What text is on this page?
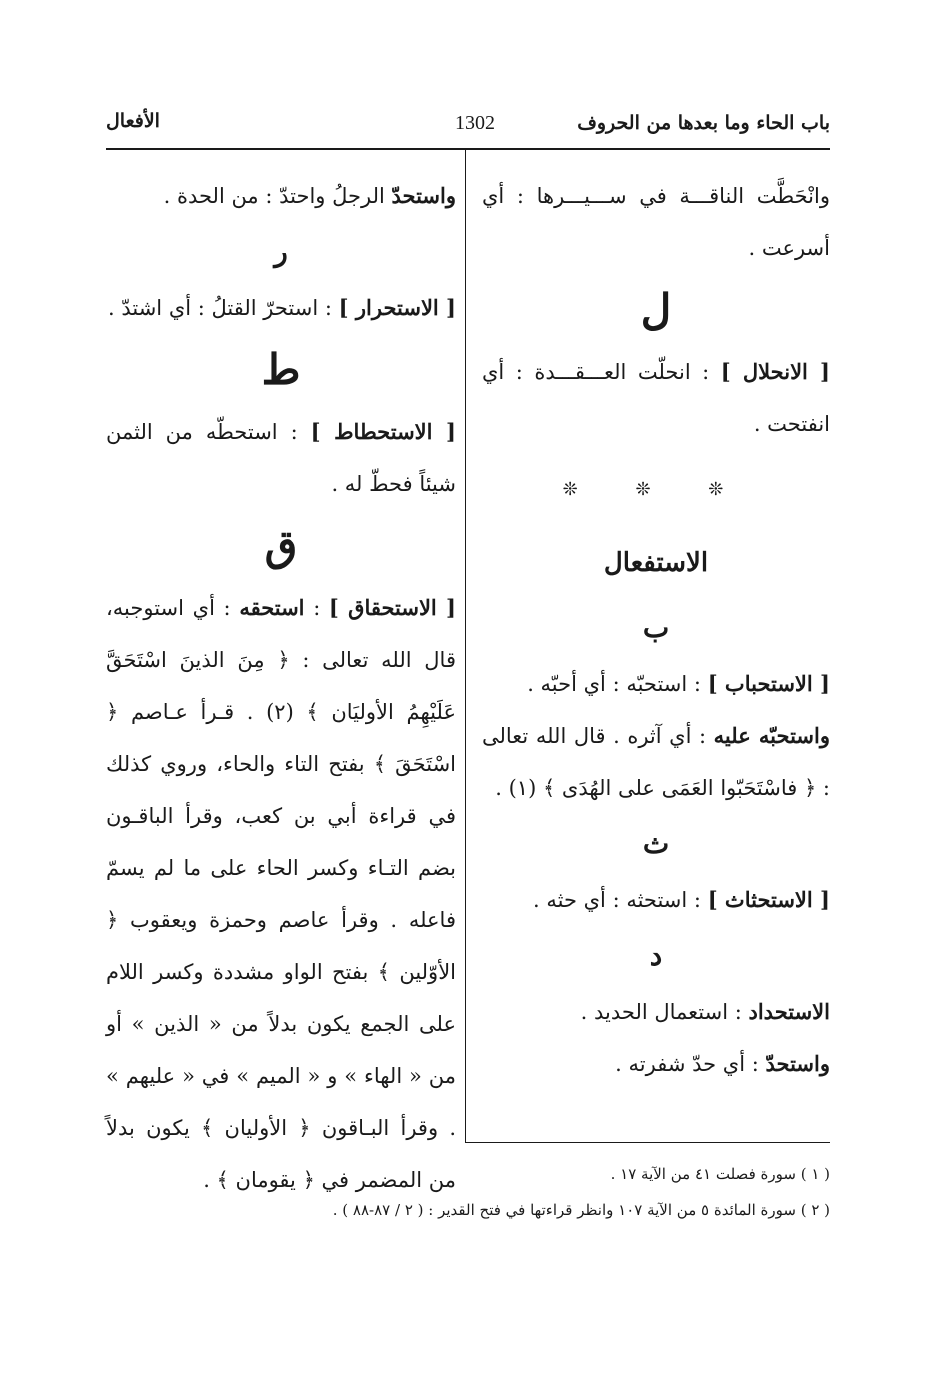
باب الحاء وما بعدها من الحروف
1302
الأفعال

وانْحَطَّت الناقـــة في ســـيـــرها : أي أسرعت .

ل

[ الانحلال ] : انحلّت العـــقـــدة : أي انفتحت .

❊ ❊ ❊

الاستفعال

ب

[ الاستحباب ] : استحبّه : أي أحبّه .

واستحبّه عليه : أي آثره . قال الله تعالى : ﴿ فاسْتَحَبّوا العَمَى على الهُدَى ﴾ (١) .

ث

[ الاستحثاث ] : استحثه : أي حثه .

د

الاستحداد : استعمال الحديد .

واستحدّ : أي حدّ شفرته .

واستحدّ الرجلُ واحتدّ : من الحدة .

ر

[ الاستحرار ] : استحرّ القتلُ : أي اشتدّ .

ط

[ الاستحطاط ] : استحطّه من الثمن شيئاً فحطّ له .

ق

[ الاستحقاق ] : استحقه : أي استوجبه، قال الله تعالى : ﴿ مِنَ الذينَ اسْتَحَقَّ عَلَيْهِمُ الأوليَان ﴾ (٢) . قـرأ عـاصم ﴿ اسْتَحَقَ ﴾ بفتح التاء والحاء، وروي كذلك في قراءة أبي بن كعب، وقرأ الباقـون بضم التـاء وكسر الحاء على ما لم يسمّ فاعله . وقرأ عاصم وحمزة ويعقوب ﴿ الأوّلين ﴾ بفتح الواو مشددة وكسر اللام على الجمع يكون بدلاً من « الذين » أو من « الهاء » و « الميم » في « عليهم » . وقرأ البـاقون ﴿ الأوليان ﴾ يكون بدلاً من المضمر في ﴿ يقومان ﴾ .	( ١ ) سورة فصلت ٤١ من الآية ١٧ .

( ٢ ) سورة المائدة ٥ من الآية ١٠٧ وانظر قراءتها في فتح القدير : ( ٢ / ٨٧-٨٨ ) .
